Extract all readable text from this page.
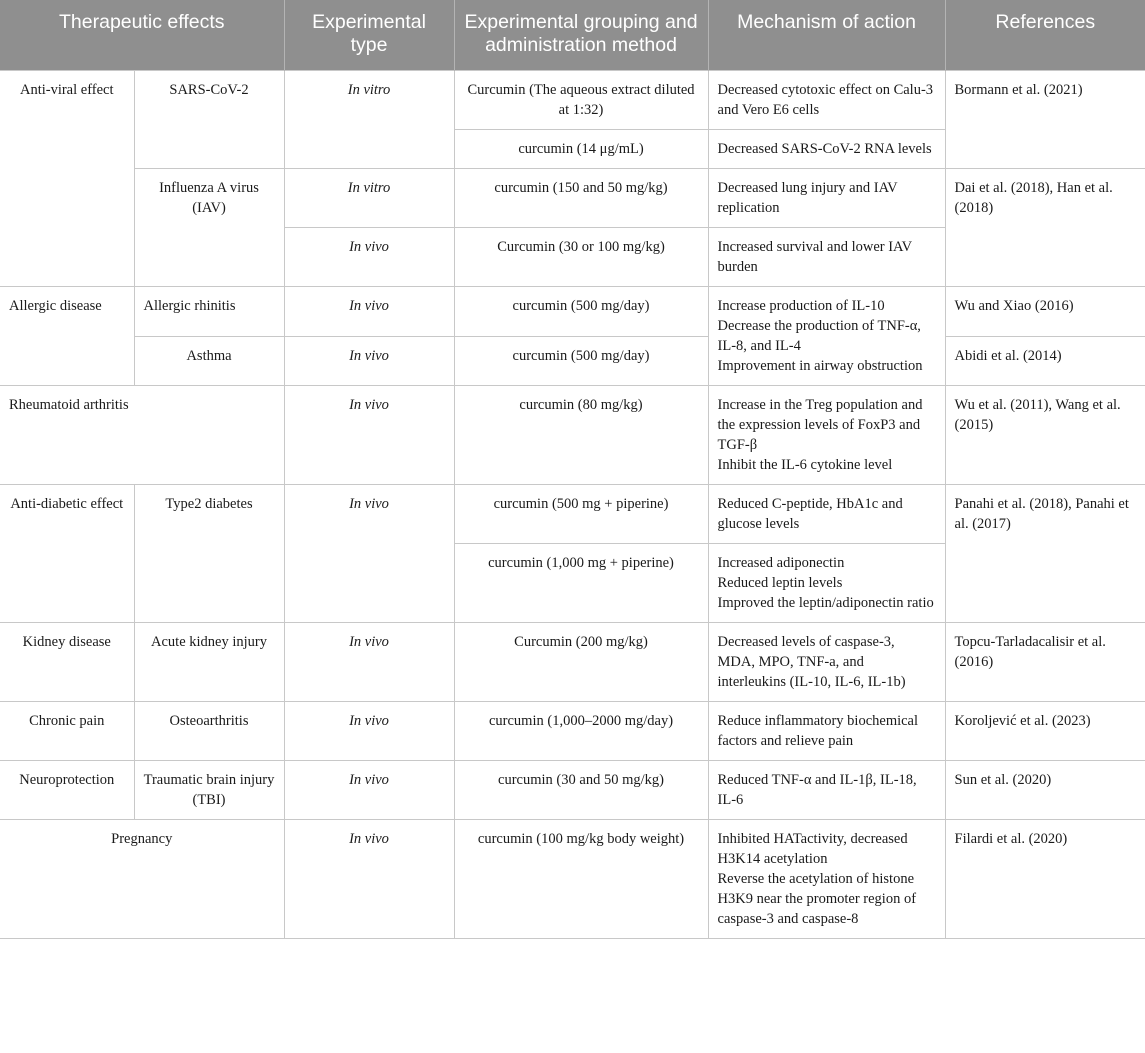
Therapeutic effects		Experimental type	Experimental grouping and administration method	Mechanism of action	References
Anti-viral effect	SARS-CoV-2	In vitro	Curcumin (The aqueous extract diluted at 1:32)	Decreased cytotoxic effect on Calu-3 and Vero E6 cells	Bormann et al. (2021)
			curcumin (14 μg/mL)	Decreased SARS-CoV-2 RNA levels	
	Influenza A virus (IAV)	In vitro	curcumin (150 and 50 mg/kg)	Decreased lung injury and IAV replication	Dai et al. (2018), Han et al. (2018)
		In vivo	Curcumin (30 or 100 mg/kg)	Increased survival and lower IAV burden	
Allergic disease	Allergic rhinitis	In vivo	curcumin (500 mg/day)	Increase production of IL-10
Decrease the production of TNF-α, IL-8, and IL-4
Improvement in airway obstruction	Wu and Xiao (2016)
	Asthma	In vivo	curcumin (500 mg/day)		Abidi et al. (2014)
Rheumatoid arthritis		In vivo	curcumin (80 mg/kg)	Increase in the Treg population and the expression levels of FoxP3 and TGF-β
Inhibit the IL-6 cytokine level	Wu et al. (2011), Wang et al. (2015)
Anti-diabetic effect	Type2 diabetes	In vivo	curcumin (500 mg + piperine)	Reduced C-peptide, HbA1c and glucose levels	Panahi et al. (2018), Panahi et al. (2017)
			curcumin (1,000 mg + piperine)	Increased adiponectin
Reduced leptin levels
Improved the leptin/adiponectin ratio	
Kidney disease	Acute kidney injury	In vivo	Curcumin (200 mg/kg)	Decreased levels of caspase-3, MDA, MPO, TNF-a, and interleukins (IL-10, IL-6, IL-1b)	Topcu-Tarladacalisir et al. (2016)
Chronic pain	Osteoarthritis	In vivo	curcumin (1,000–2000 mg/day)	Reduce inflammatory biochemical factors and relieve pain	Koroljević et al. (2023)
Neuroprotection	Traumatic brain injury (TBI)	In vivo	curcumin (30 and 50 mg/kg)	Reduced TNF-α and IL-1β, IL-18, IL-6	Sun et al. (2020)
Pregnancy		In vivo	curcumin (100 mg/kg body weight)	Inhibited HATactivity, decreased H3K14 acetylation
Reverse the acetylation of histone H3K9 near the promoter region of caspase-3 and caspase-8	Filardi et al. (2020)
